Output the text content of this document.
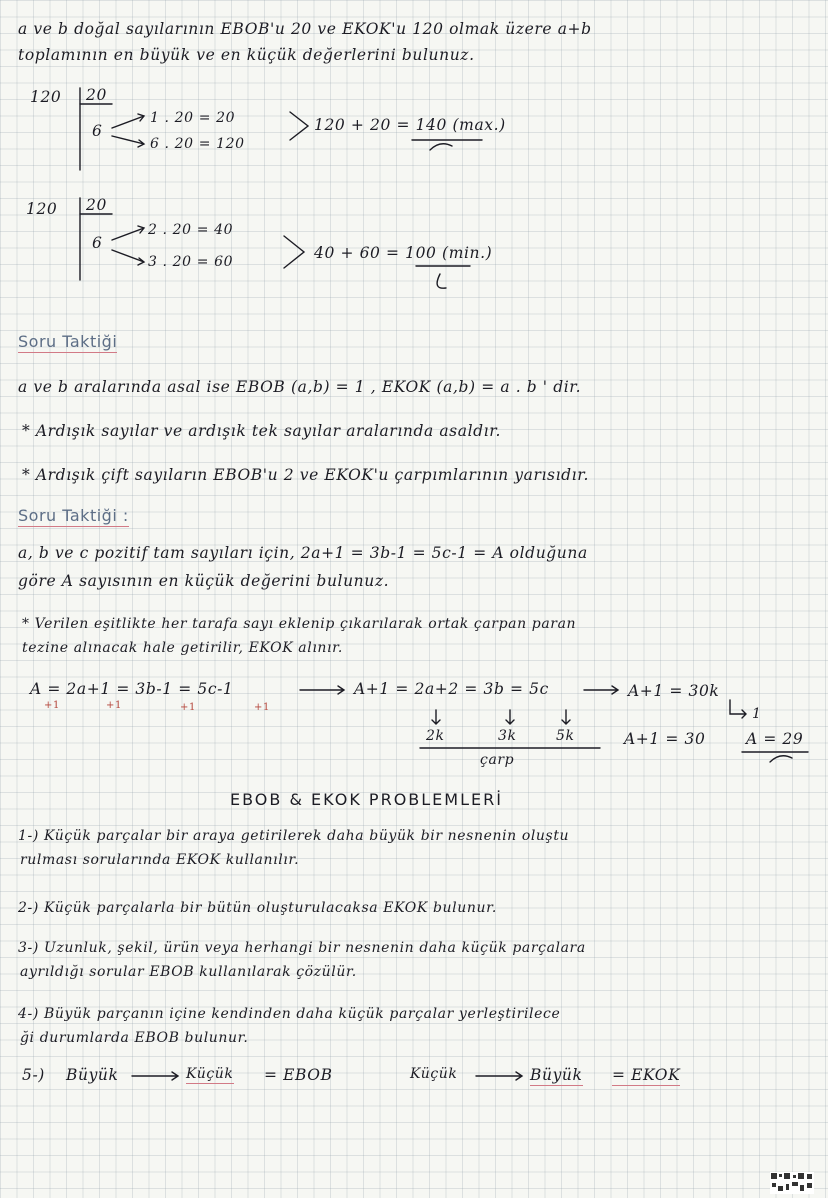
a ve b doğal sayılarının EBOB'u 20 ve EKOK'u 120 olmak üzere a+b
toplamının en büyük ve en küçük değerlerini bulunuz.
120 20
6
1 . 20 = 20
6 . 20 = 120
120 + 20 = 140 (max.)
120 20
6
2 . 20 = 40
3 . 20 = 60	40 + 60 = 100 (min.)
Soru Taktiği
a ve b aralarında asal ise EBOB (a,b) = 1 , EKOK (a,b) = a . b ' dir.
* Ardışık sayılar ve ardışık tek sayılar aralarında asaldır.
* Ardışık çift sayıların EBOB'u 2 ve EKOK'u çarpımlarının yarısıdır.
Soru Taktiği :
a, b ve c pozitif tam sayıları için, 2a+1 = 3b-1 = 5c-1 = A olduğuna
göre A sayısının en küçük değerini bulunuz.
* Verilen eşitlikte her tarafa sayı eklenip çıkarılarak ortak çarpan paran
tezine alınacak hale getirilir, EKOK alınır.
A = 2a+1 = 3b-1 = 5c-1
+1	+1	+1	+1
A+1 = 2a+2 = 3b = 5c	A+1 = 30k
1
2k	3k	5k
çarp
A+1 = 30	A = 29
EBOB & EKOK PROBLEMLERİ
1-) Küçük parçalar bir araya getirilerek daha büyük bir nesnenin oluştu
rulması sorularında EKOK kullanılır.
2-) Küçük parçalarla bir bütün oluşturulacaksa EKOK bulunur.
3-) Uzunluk, şekil, ürün veya herhangi bir nesnenin daha küçük parçalara
ayrıldığı sorular EBOB kullanılarak çözülür.
4-) Büyük parçanın içine kendinden daha küçük parçalar yerleştirilece
ği durumlarda EBOB bulunur.
5-) Büyük	Küçük = EBOB	Küçük	Büyük = EKOK
